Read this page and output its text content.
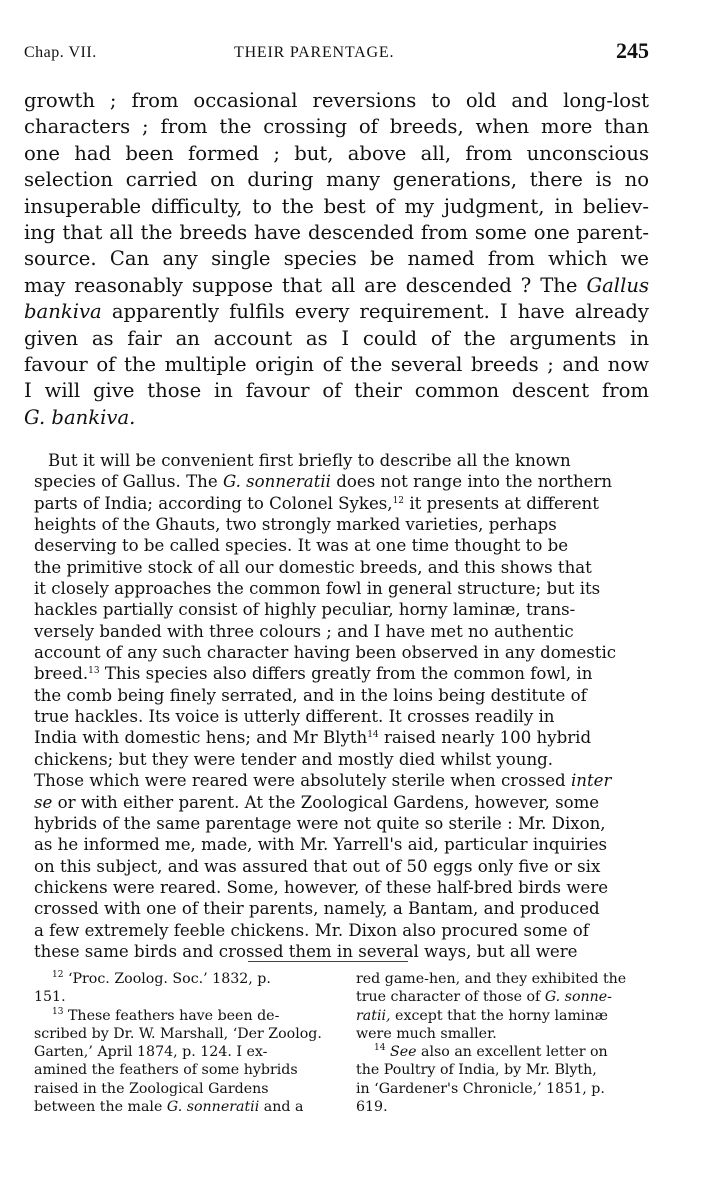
Chap. VII.	THEIR PARENTAGE.	245
growth ; from occasional reversions to old and long-lost
characters ; from the crossing of breeds, when more than
one had been formed ; but, above all, from unconscious
selection carried on during many generations, there is no
insuperable difficulty, to the best of my judgment, in believ-
ing that all the breeds have descended from some one parent-
source. Can any single species be named from which we
may reasonably suppose that all are descended ? The Gallus
bankiva apparently fulfils every requirement. I have already
given as fair an account as I could of the arguments in
favour of the multiple origin of the several breeds ; and now
I will give those in favour of their common descent from
G. bankiva.
But it will be convenient first briefly to describe all the known
species of Gallus. The G. sonneratii does not range into the northern
parts of India; according to Colonel Sykes,$^{12}$ it presents at different
heights of the Ghauts, two strongly marked varieties, perhaps
deserving to be called species. It was at one time thought to be
the primitive stock of all our domestic breeds, and this shows that
it closely approaches the common fowl in general structure; but its
hackles partially consist of highly peculiar, horny laminæ, trans-
versely banded with three colours ; and I have met no authentic
account of any such character having been observed in any domestic
breed.$^{13}$ This species also differs greatly from the common fowl, in
the comb being finely serrated, and in the loins being destitute of
true hackles. Its voice is utterly different. It crosses readily in
India with domestic hens; and Mr Blyth$^{14}$ raised nearly 100 hybrid
chickens; but they were tender and mostly died whilst young.
Those which were reared were absolutely sterile when crossed inter
se or with either parent. At the Zoological Gardens, however, some
hybrids of the same parentage were not quite so sterile : Mr. Dixon,
as he informed me, made, with Mr. Yarrell's aid, particular inquiries
on this subject, and was assured that out of 50 eggs only five or six
chickens were reared. Some, however, of these half-bred birds were
crossed with one of their parents, namely, a Bantam, and produced
a few extremely feeble chickens. Mr. Dixon also procured some of
these same birds and crossed them in several ways, but all were
$^{12}$ ‘Proc. Zoolog. Soc.’ 1832, p.
151.
$^{13}$ These feathers have been de-
scribed by Dr. W. Marshall, ‘Der Zoolog.
Garten,’ April 1874, p. 124. I ex-
amined the feathers of some hybrids
raised in the Zoological Gardens
between the male G. sonneratii and a
red game-hen, and they exhibited the
true character of those of G. sonne-
ratii, except that the horny laminæ
were much smaller.
$^{14}$ See also an excellent letter on
the Poultry of India, by Mr. Blyth,
in ‘Gardener's Chronicle,’ 1851, p.
619.
